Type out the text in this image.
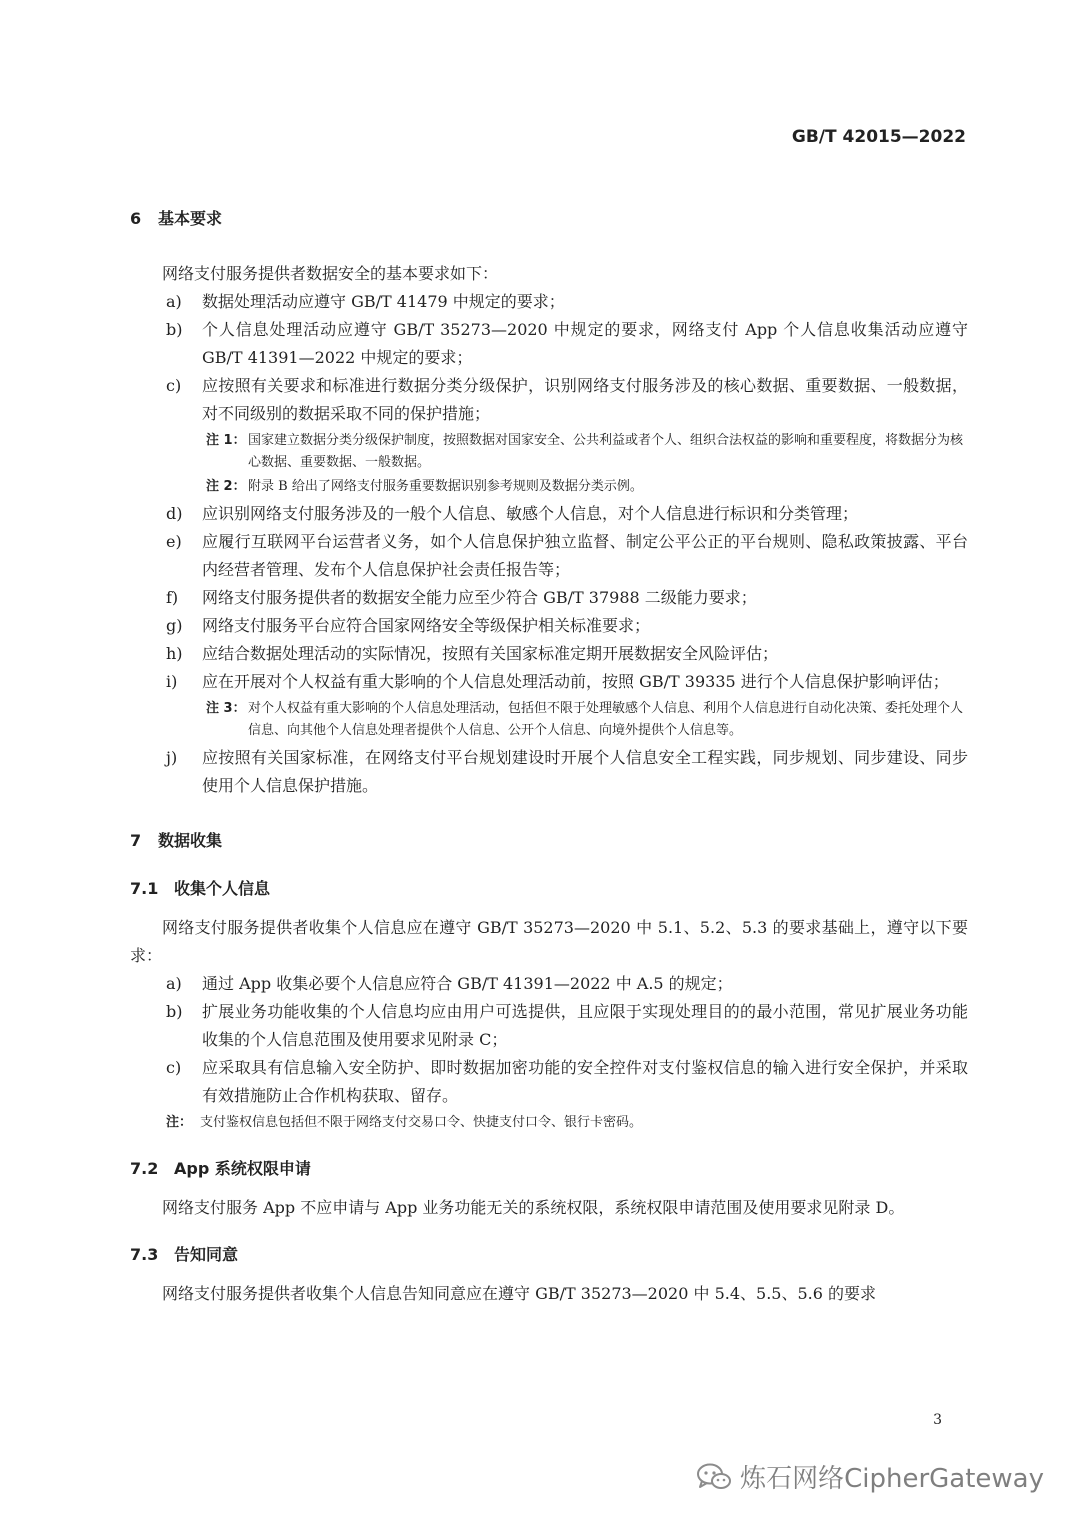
GB/T 42015—2022
6 基本要求

网络支付服务提供者数据安全的基本要求如下：

a)	数据处理活动应遵守 GB/T 41479 中规定的要求；
b)	个人信息处理活动应遵守 GB/T 35273—2020 中规定的要求，网络支付 App 个人信息收集活动应遵守 GB/T 41391—2022 中规定的要求；
c)	应按照有关要求和标准进行数据分类分级保护，识别网络支付服务涉及的核心数据、重要数据、一般数据，对不同级别的数据采取不同的保护措施；
注 1： 国家建立数据分类分级保护制度，按照数据对国家安全、公共利益或者个人、组织合法权益的影响和重要程度，将数据分为核心数据、重要数据、一般数据。
注 2： 附录 B 给出了网络支付服务重要数据识别参考规则及数据分类示例。
d)	应识别网络支付服务涉及的一般个人信息、敏感个人信息，对个人信息进行标识和分类管理；
e)	应履行互联网平台运营者义务，如个人信息保护独立监督、制定公平公正的平台规则、隐私政策披露、平台内经营者管理、发布个人信息保护社会责任报告等；
f)	网络支付服务提供者的数据安全能力应至少符合 GB/T 37988 二级能力要求；
g)	网络支付服务平台应符合国家网络安全等级保护相关标准要求；
h)	应结合数据处理活动的实际情况，按照有关国家标准定期开展数据安全风险评估；
i)	应在开展对个人权益有重大影响的个人信息处理活动前，按照 GB/T 39335 进行个人信息保护影响评估；
注 3： 对个人权益有重大影响的个人信息处理活动，包括但不限于处理敏感个人信息、利用个人信息进行自动化决策、委托处理个人信息、向其他个人信息处理者提供个人信息、公开个人信息、向境外提供个人信息等。
j)	应按照有关国家标准，在网络支付平台规划建设时开展个人信息安全工程实践，同步规划、同步建设、同步使用个人信息保护措施。
7 数据收集
7.1 收集个人信息

网络支付服务提供者收集个人信息应在遵守 GB/T 35273—2020 中 5.1、5.2、5.3 的要求基础上，遵守以下要求：

a)	通过 App 收集必要个人信息应符合 GB/T 41391—2022 中 A.5 的规定；
b)	扩展业务功能收集的个人信息均应由用户可选提供，且应限于实现处理目的的最小范围，常见扩展业务功能收集的个人信息范围及使用要求见附录 C；
c)	应采取具有信息输入安全防护、即时数据加密功能的安全控件对支付鉴权信息的输入进行安全保护，并采取有效措施防止合作机构获取、留存。
注： 支付鉴权信息包括但不限于网络支付交易口令、快捷支付口令、银行卡密码。
7.2 App 系统权限申请

网络支付服务 App 不应申请与 App 业务功能无关的系统权限，系统权限申请范围及使用要求见附录 D。

7.3 告知同意

网络支付服务提供者收集个人信息告知同意应在遵守 GB/T 35273—2020 中 5.4、5.5、5.6 的要求

3
炼石网络CipherGateway
